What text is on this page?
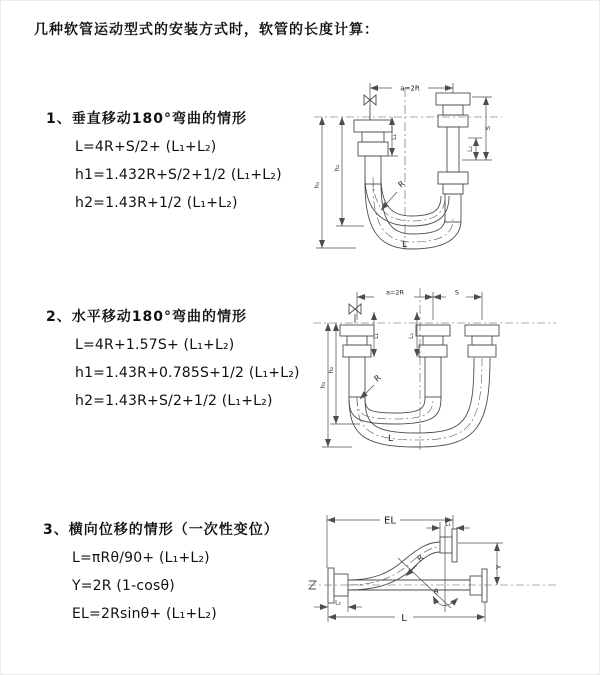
几种软管运动型式的安装方式时，软管的长度计算：
1、垂直移动180°弯曲的情形
L=4R+S/2+ (L₁+L₂)
h1=1.432R+S/2+1/2 (L₁+L₂)
h2=1.43R+1/2 (L₁+L₂)
2、水平移动180°弯曲的情形
L=4R+1.57S+ (L₁+L₂)
h1=1.43R+0.785S+1/2 (L₁+L₂)
h2=1.43R+S/2+1/2 (L₁+L₂)
3、横向位移的情形（一次性变位）
L=πRθ/90+ (L₁+L₂)
Y=2R (1-cosθ)
EL=2Rsinθ+ (L₁+L₂)
a=2R
h₁
h₂
L₁
S
L₂
R
L
a=2R	S
L₁	L₂
h₁
h₂
R
L
EL	L₁
Y
θ
R
L
L₂
